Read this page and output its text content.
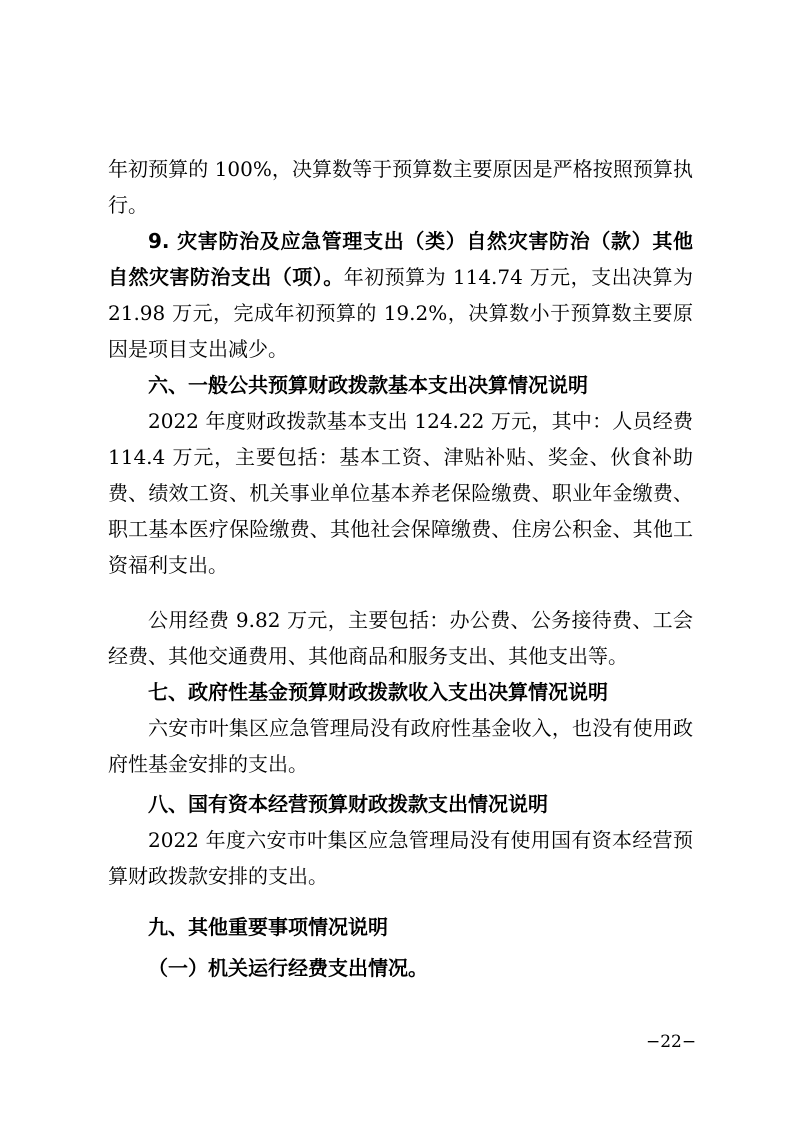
年初预算的 100%，决算数等于预算数主要原因是严格按照预算执行。

9. 灾害防治及应急管理支出（类）自然灾害防治（款）其他自然灾害防治支出（项）。年初预算为 114.74 万元，支出决算为 21.98 万元，完成年初预算的 19.2%，决算数小于预算数主要原因是项目支出减少。

六、一般公共预算财政拨款基本支出决算情况说明

2022 年度财政拨款基本支出 124.22 万元，其中：人员经费 114.4 万元，主要包括：基本工资、津贴补贴、奖金、伙食补助费、绩效工资、机关事业单位基本养老保险缴费、职业年金缴费、职工基本医疗保险缴费、其他社会保障缴费、住房公积金、其他工资福利支出。

公用经费 9.82 万元，主要包括：办公费、公务接待费、工会经费、其他交通费用、其他商品和服务支出、其他支出等。

七、政府性基金预算财政拨款收入支出决算情况说明

六安市叶集区应急管理局没有政府性基金收入，也没有使用政府性基金安排的支出。

八、国有资本经营预算财政拨款支出情况说明

2022 年度六安市叶集区应急管理局没有使用国有资本经营预算财政拨款安排的支出。

九、其他重要事项情况说明

（一）机关运行经费支出情况。

−22−
